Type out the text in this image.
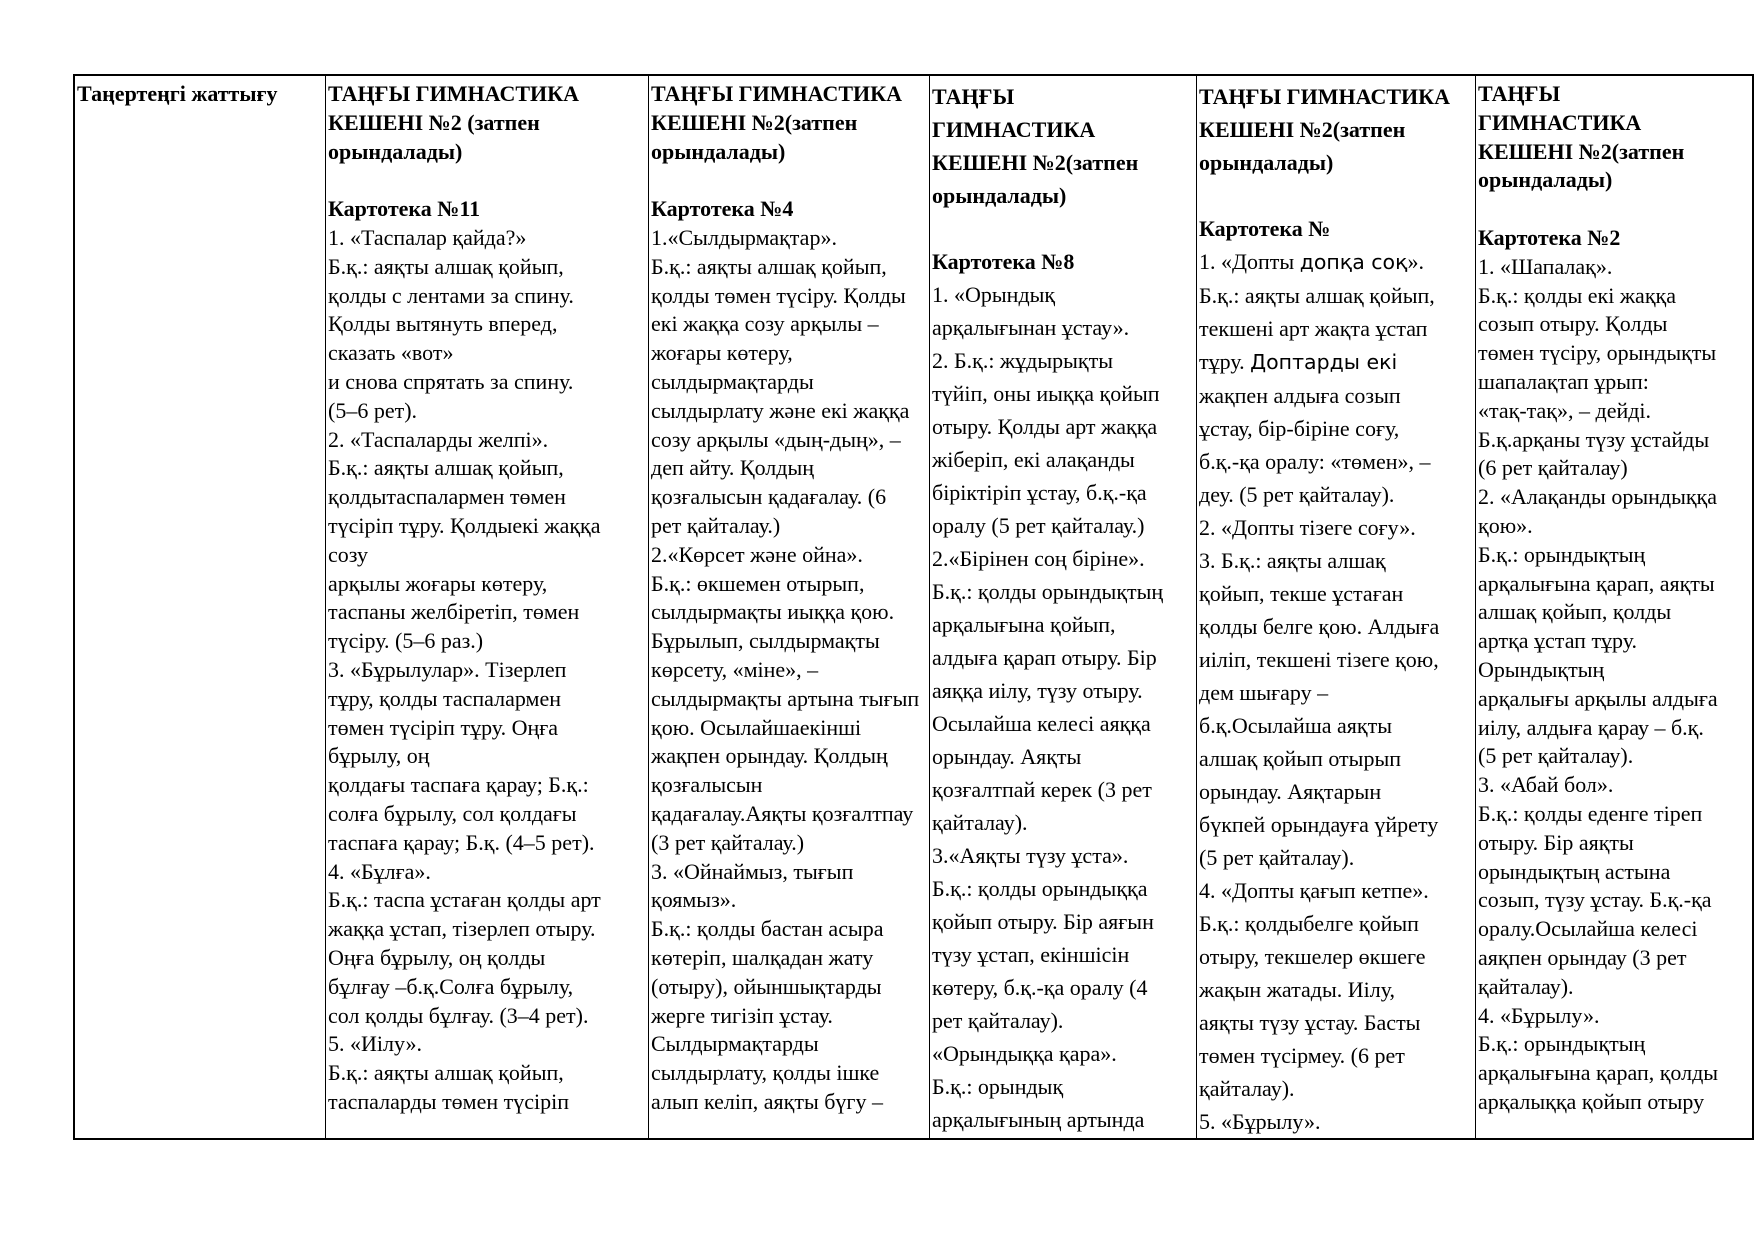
Таңертеңгі жаттығу	ТАҢҒЫ ГИМНАСТИКА
КЕШЕНІ №2 (затпен
орындалады)
Картотека №11
1. «Таспалар қайда?»
Б.қ.: аяқты алшақ қойып,
қолды с лентами за спину.
Қолды вытянуть вперед,
сказать «вот»
и снова спрятать за спину.
(5–6 рет).
2. «Таспаларды желпі».
Б.қ.: аяқты алшақ қойып,
қолдытаспалармен төмен
түсіріп тұру. Қолдыекі жаққа
созу
арқылы жоғары көтеру,
таспаны желбіретіп, төмен
түсіру. (5–6 раз.)
3. «Бұрылулар». Тізерлеп
тұру, қолды таспалармен
төмен түсіріп тұру. Оңға
бұрылу, оң
қолдағы таспаға қарау; Б.қ.:
солға бұрылу, сол қолдағы
таспаға қарау; Б.қ. (4–5 рет).
4. «Бұлға».
Б.қ.: таспа ұстаған қолды арт
жаққа ұстап, тізерлеп отыру.
Оңға бұрылу, оң қолды
бұлғау –б.қ.Солға бұрылу,
сол қолды бұлғау. (3–4 рет).
5. «Иілу».
Б.қ.: аяқты алшақ қойып,
таспаларды төмен түсіріп

ТАҢҒЫ ГИМНАСТИКА
КЕШЕНІ №2(затпен
орындалады)
Картотека №4
1.«Сылдырмақтар».
Б.қ.: аяқты алшақ қойып,
қолды төмен түсіру. Қолды
екі жаққа созу арқылы –
жоғары көтеру,
сылдырмақтарды
сылдырлату және екі жаққа
созу арқылы «дың-дың», –
деп айту. Қолдың
қозғалысын қадағалау. (6
рет қайталау.)
2.«Көрсет және ойна».
Б.қ.: өкшемен отырып,
сылдырмақты иыққа қою.
Бұрылып, сылдырмақты
көрсету, «міне», –
сылдырмақты артына тығып
қою. Осылайшаекінші
жақпен орындау. Қолдың
қозғалысын
қадағалау.Аяқты қозғалтпау
(3 рет қайталау.)
3. «Ойнаймыз, тығып
қоямыз».
Б.қ.: қолды бастан асыра
көтеріп, шалқадан жату
(отыру), ойыншықтарды
жерге тигізіп ұстау.
Сылдырмақтарды
сылдырлату, қолды ішке
алып келіп, аяқты бүгу –

ТАҢҒЫ
ГИМНАСТИКА
КЕШЕНІ №2(затпен
орындалады)
Картотека №8
1. «Орындық
арқалығынан ұстау».
2. Б.қ.: жұдырықты
түйіп, оны иыққа қойып
отыру. Қолды арт жаққа
жіберіп, екі алақанды
біріктіріп ұстау, б.қ.-қа
оралу (5 рет қайталау.)
2.«Бірінен соң біріне».
Б.қ.: қолды орындықтың
арқалығына қойып,
алдыға қарап отыру. Бір
аяққа иілу, түзу отыру.
Осылайша келесі аяққа
орындау. Аяқты
қозғалтпай керек (3 рет
қайталау).
3.«Аяқты түзу ұста».
Б.қ.: қолды орындыққа
қойып отыру. Бір аяғын
түзу ұстап, екіншісін
көтеру, б.қ.-қа оралу (4
рет қайталау).
«Орындыққа қара».
Б.қ.: орындық
арқалығының артында

ТАҢҒЫ ГИМНАСТИКА
КЕШЕНІ №2(затпен
орындалады)
Картотека №
1. «Допты допқа соқ».
Б.қ.: аяқты алшақ қойып,
текшені арт жақта ұстап
тұру. Доптарды екі
жақпен алдыға созып
ұстау, бір-біріне соғу,
б.қ.-қа оралу: «төмен», –
деу. (5 рет қайталау).
2. «Допты тізеге соғу».
3. Б.қ.: аяқты алшақ
қойып, текше ұстаған
қолды белге қою. Алдыға
иіліп, текшені тізеге қою,
дем шығару –
б.қ.Осылайша аяқты
алшақ қойып отырып
орындау. Аяқтарын
бүкпей орындауға үйрету
(5 рет қайталау).
4. «Допты қағып кетпе».
Б.қ.: қолдыбелге қойып
отыру, текшелер өкшеге
жақын жатады. Иілу,
аяқты түзу ұстау. Басты
төмен түсірмеу. (6 рет
қайталау).
5. «Бұрылу».

ТАҢҒЫ
ГИМНАСТИКА
КЕШЕНІ №2(затпен
орындалады)
Картотека №2
1. «Шапалақ».
Б.қ.: қолды екі жаққа
созып отыру. Қолды
төмен түсіру, орындықты
шапалақтап ұрып:
«тақ-тақ», – дейді.
Б.қ.арқаны түзу ұстайды
(6 рет қайталау)
2. «Алақанды орындыққа
қою».
Б.қ.: орындықтың
арқалығына қарап, аяқты
алшақ қойып, қолды
артқа ұстап тұру.
Орындықтың
арқалығы арқылы алдыға
иілу, алдыға қарау – б.қ.
(5 рет қайталау).
3. «Абай бол».
Б.қ.: қолды еденге тіреп
отыру. Бір аяқты
орындықтың астына
созып, түзу ұстау. Б.қ.-қа
оралу.Осылайша келесі
аяқпен орындау (3 рет
қайталау).
4. «Бұрылу».
Б.қ.: орындықтың
арқалығына қарап, қолды
арқалыққа қойып отыру
